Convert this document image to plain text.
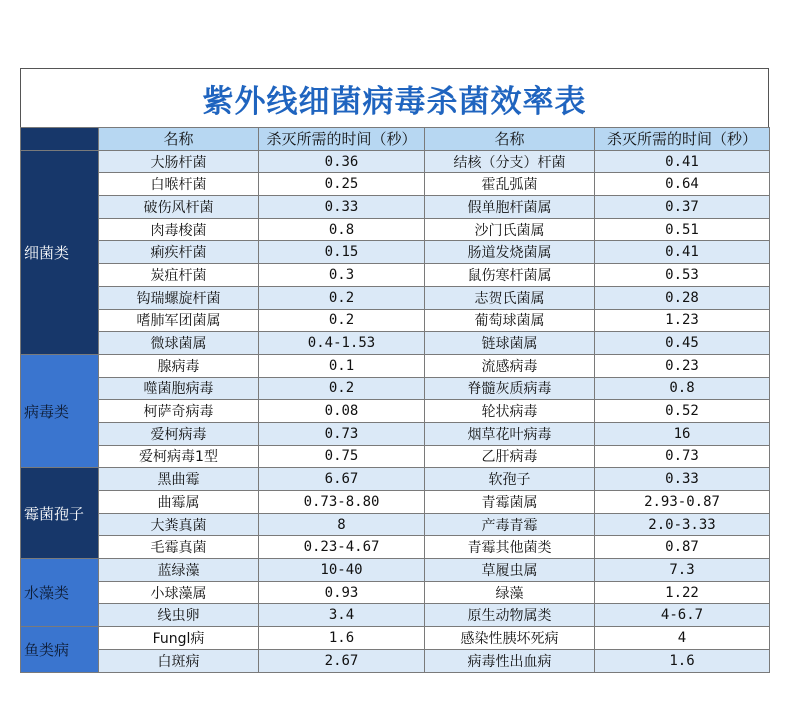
紫外线细菌病毒杀菌效率表
	名称	杀灭所需的时间（秒）	名称	杀灭所需的时间（秒）
细菌类	大肠杆菌	0.36	结核（分支）杆菌	0.41
	白喉杆菌	0.25	霍乱弧菌	0.64
	破伤风杆菌	0.33	假单胞杆菌属	0.37
	肉毒梭菌	0.8	沙门氏菌属	0.51
	痢疾杆菌	0.15	肠道发烧菌属	0.41
	炭疽杆菌	0.3	鼠伤寒杆菌属	0.53
	钩瑞螺旋杆菌	0.2	志贺氏菌属	0.28
	嗜肺军团菌属	0.2	葡萄球菌属	1.23
	微球菌属	0.4-1.53	链球菌属	0.45
病毒类	腺病毒	0.1	流感病毒	0.23
	噬菌胞病毒	0.2	脊髓灰质病毒	0.8
	柯萨奇病毒	0.08	轮状病毒	0.52
	爱柯病毒	0.73	烟草花叶病毒	16
	爱柯病毒1型	0.75	乙肝病毒	0.73
霉菌孢子	黑曲霉	6.67	软孢子	0.33
	曲霉属	0.73-8.80	青霉菌属	2.93-0.87
	大粪真菌	8	产毒青霉	2.0-3.33
	毛霉真菌	0.23-4.67	青霉其他菌类	0.87
水藻类	蓝绿藻	10-40	草履虫属	7.3
	小球藻属	0.93	绿藻	1.22
	线虫卵	3.4	原生动物属类	4-6.7
鱼类病	Fungl病	1.6	感染性胰坏死病	4
	白斑病	2.67	病毒性出血病	1.6
